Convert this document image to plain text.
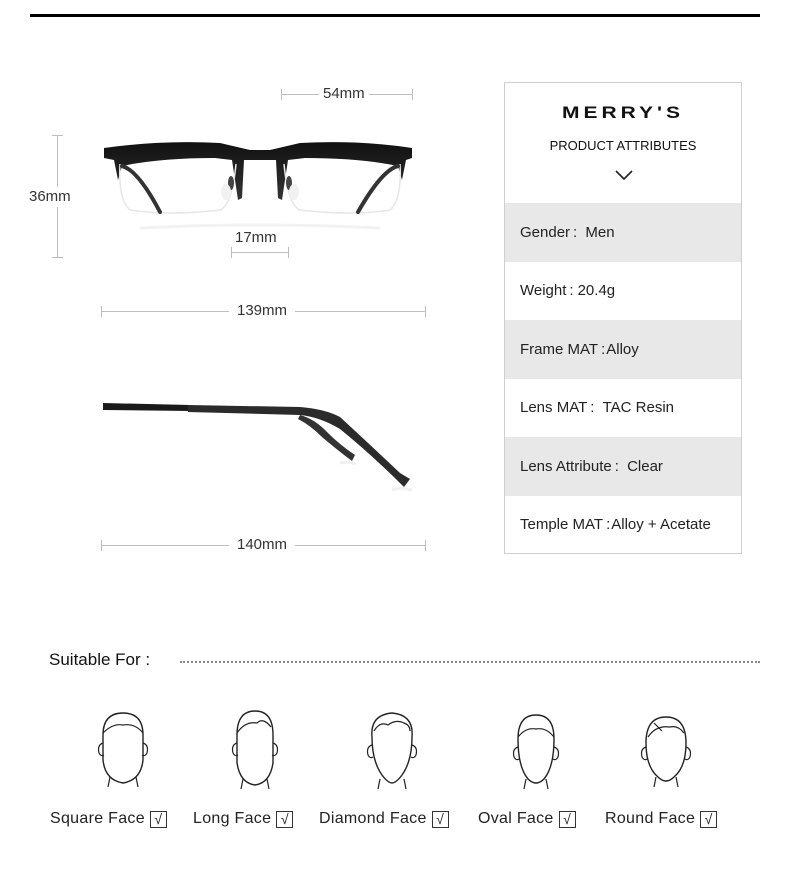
54mm
36mm
17mm
139mm
140mm
MERRY'S
PRODUCT ATTRIBUTES
Gender :
Men
Weight : 20.4g
Frame MAT : Alloy
Lens MAT :
TAC Resin
Lens Attribute :
Clear
Temple MAT : Alloy + Acetate
Suitable For :
Square Face √ Long Face √ Diamond Face √ Oval Face √ Round Face √
